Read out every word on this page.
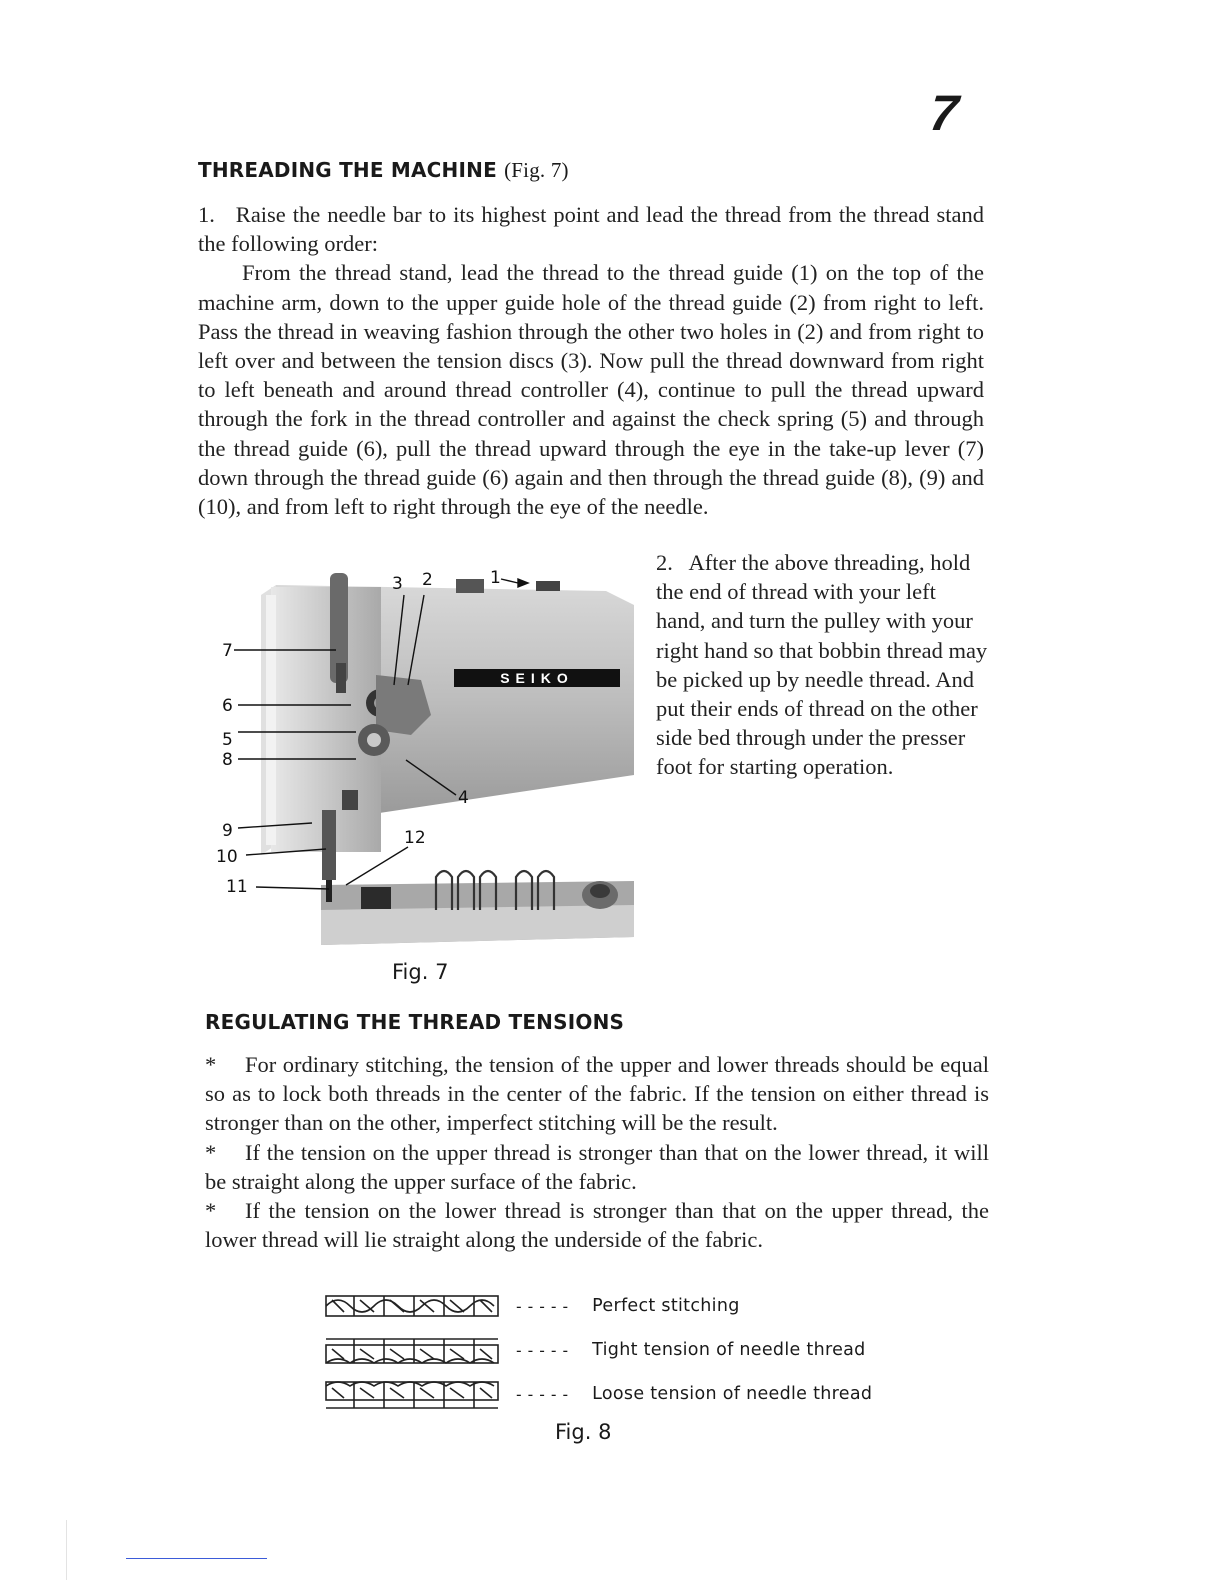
7
THREADING THE MACHINE (Fig. 7)

1.   Raise the needle bar to its highest point and lead the thread from the thread stand the following order:

From the thread stand, lead the thread to the thread guide (1) on the top of the machine arm, down to the upper guide hole of the thread guide (2) from right to left. Pass the thread in weaving fashion through the other two holes in (2) and from right to left over and between the tension discs (3). Now pull the thread downward from right to left beneath and around thread controller (4), continue to pull the thread upward through the fork in the thread controller and against the check spring (5) and through the thread guide (6), pull the thread upward through the eye in the take-up lever (7) down through the thread guide (6) again and then through the thread guide (8), (9) and (10), and from left to right through the eye of the needle.

SEIKO
7
6
5
8
9
10
11
3 2	1
4
12

2.   After the above threading, hold the end of thread with your left hand, and turn the pulley with your right hand so that bobbin thread may be picked up by needle thread. And put their ends of thread on the other side bed through under the presser foot for starting operation.

Fig. 7
REGULATING THE THREAD TENSIONS

* For ordinary stitching, the tension of the upper and lower threads should be equal so as to lock both threads in the center of the fabric. If the tension on either thread is stronger than on the other, imperfect stitching will be the result.

* If the tension on the upper thread is stronger than that on the lower thread, it will be straight along the upper surface of the fabric.

* If the tension on the lower thread is stronger than that on the upper thread, the lower thread will lie straight along the underside of the fabric.

----- Perfect stitching
----- Tight tension of needle thread
----- Loose tension of needle thread
Fig. 8
